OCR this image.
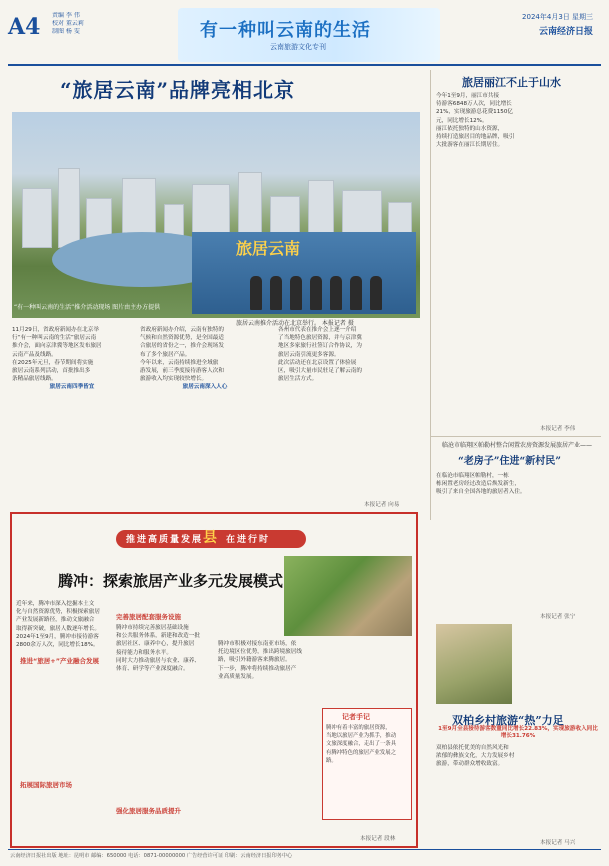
A4 责编 李 伟
校对 董云莉
制图 杨 雯	有一种叫云南的生活
云南旅游文化专刊
2024年4月3日 星期三
云南经济日报
“旅居云南”品牌亮相北京
“有一种叫云南的生活”推介活动现场 图片由主办方提供
旅居云南
旅居云南推介活动在北京举行。 本报记者 摄
11月29日，省政府新闻办在北京举
行“有一种叫云南的生活”旅居云南
推介会，面向京津冀等地区发布旅居
云南产品及线路。
在2025年元旦，春节期间将实施
旅居云南系列活动，首批推出多
条精品旅居线路。
旅居云南四季皆宜
省政府新闻办介绍，云南有独特的
气候和自然资源优势，是全国最适
合旅居的省份之一，推介会现场发
布了多个旅居产品。
今年以来，云南持续推进全域旅
游发展，前三季度接待游客人次和
旅游收入均实现较快增长。
旅居云南深入人心
各州市代表在推介会上逐一介绍
了当地特色旅居资源，并与京津冀
地区多家旅行社签订合作协议，为
旅居云南引流更多客源。
此次活动还在北京设置了体验展
区，吸引大量市民驻足了解云南的
旅居生活方式。
本报记者 向易
旅居丽江不止于山水
今年1至9月，丽江市共接
待游客6848万人次，同比增长
21%，实现旅游总花费1150亿
元，同比增长12%。
丽江依托独特的山水资源，
持续打造旅居目的地品牌，吸引
大批游客在丽江长期居住。
本报记者 李伟
临沧市临翔区帕勒村整合闲置农房资源发展旅居产业——
“老房子”住进“新村民”
在临沧市临翔区帕勒村，一栋
栋闲置老房经过改造后焕发新生，
吸引了来自全国各地的旅居者入住。
本报记者 张宁
双柏乡村旅游“热”力足
1至9月全县接待游客数量同比增长22.83%，实现旅游收入同比增长31.76%
双柏县依托优美的自然风光和
浓郁的彝族文化，大力发展乡村
旅游，带动群众增收致富。
本报记者 马兴
推进高质量发展 县 在进行时
腾冲：探索旅居产业多元发展模式
近年来，腾冲市深入挖掘本土文
化与自然资源优势，积极探索旅居
产业发展新路径，推动文旅融合
取得新突破，旅居人数逐年增长。
2024年1至9月，腾冲市接待游客
2800余万人次，同比增长18%。
推进“旅居+”产业融合发展
拓展国际旅居市场
完善旅居配套服务设施
腾冲市持续完善旅居基础设施
和公共服务体系，新建和改造一批
旅居社区、康养中心，提升旅居
接待能力和服务水平。
同时大力推动旅居与农业、康养、
体育、研学等产业深度融合。
强化旅居服务品质提升
腾冲市积极对接东南亚市场，依
托边境区位优势，推出跨境旅居线
路，吸引外籍游客来腾旅居。
下一步，腾冲将持续推动旅居产
业高质量发展。
记者手记
腾冲有着丰富的旅居资源，
当地以旅居产业为抓手，推动
文旅深度融合，走出了一条具
有腾冲特色的旅居产业发展之
路。
本报记者 段林
云南经济日报社出版 地址：昆明市 邮编：650000 电话：0871-00000000 广告经营许可证 印刷：云南经济日报印务中心
